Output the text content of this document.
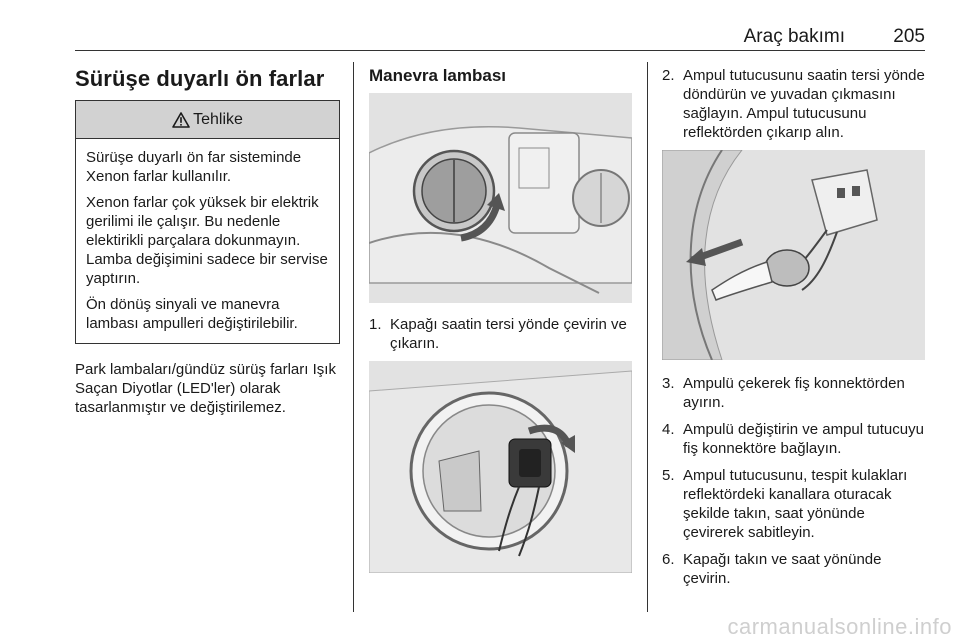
Araç bakımı	205
Sürüşe duyarlı ön farlar
Tehlike

Sürüşe duyarlı ön far sisteminde Xenon farlar kullanılır.

Xenon farlar çok yüksek bir elektrik gerilimi ile çalışır. Bu nedenle elektirikli parçalara dokunmayın. Lamba değişimini sadece bir servise yaptırın.

Ön dönüş sinyali ve manevra lambası ampulleri değiştirilebilir.

Park lambaları/gündüz sürüş farları Işık Saçan Diyotlar (LED'ler) olarak tasarlanmıştır ve değiştirilemez.

Manevra lambası
1. Kapağı saatin tersi yönde çevirin ve çıkarın.
2. Ampul tutucusunu saatin tersi yönde döndürün ve yuvadan çıkmasını sağlayın. Ampul tutucusunu reflektörden çıkarıp alın.
3. Ampulü çekerek fiş konnektörden ayırın.
4. Ampulü değiştirin ve ampul tutucuyu fiş konnektöre bağlayın.
5. Ampul tutucusunu, tespit kulakları reflektördeki kanallara oturacak şekilde takın, saat yönünde çevirerek sabitleyin.
6. Kapağı takın ve saat yönünde çevirin.
carmanualsonline.info
